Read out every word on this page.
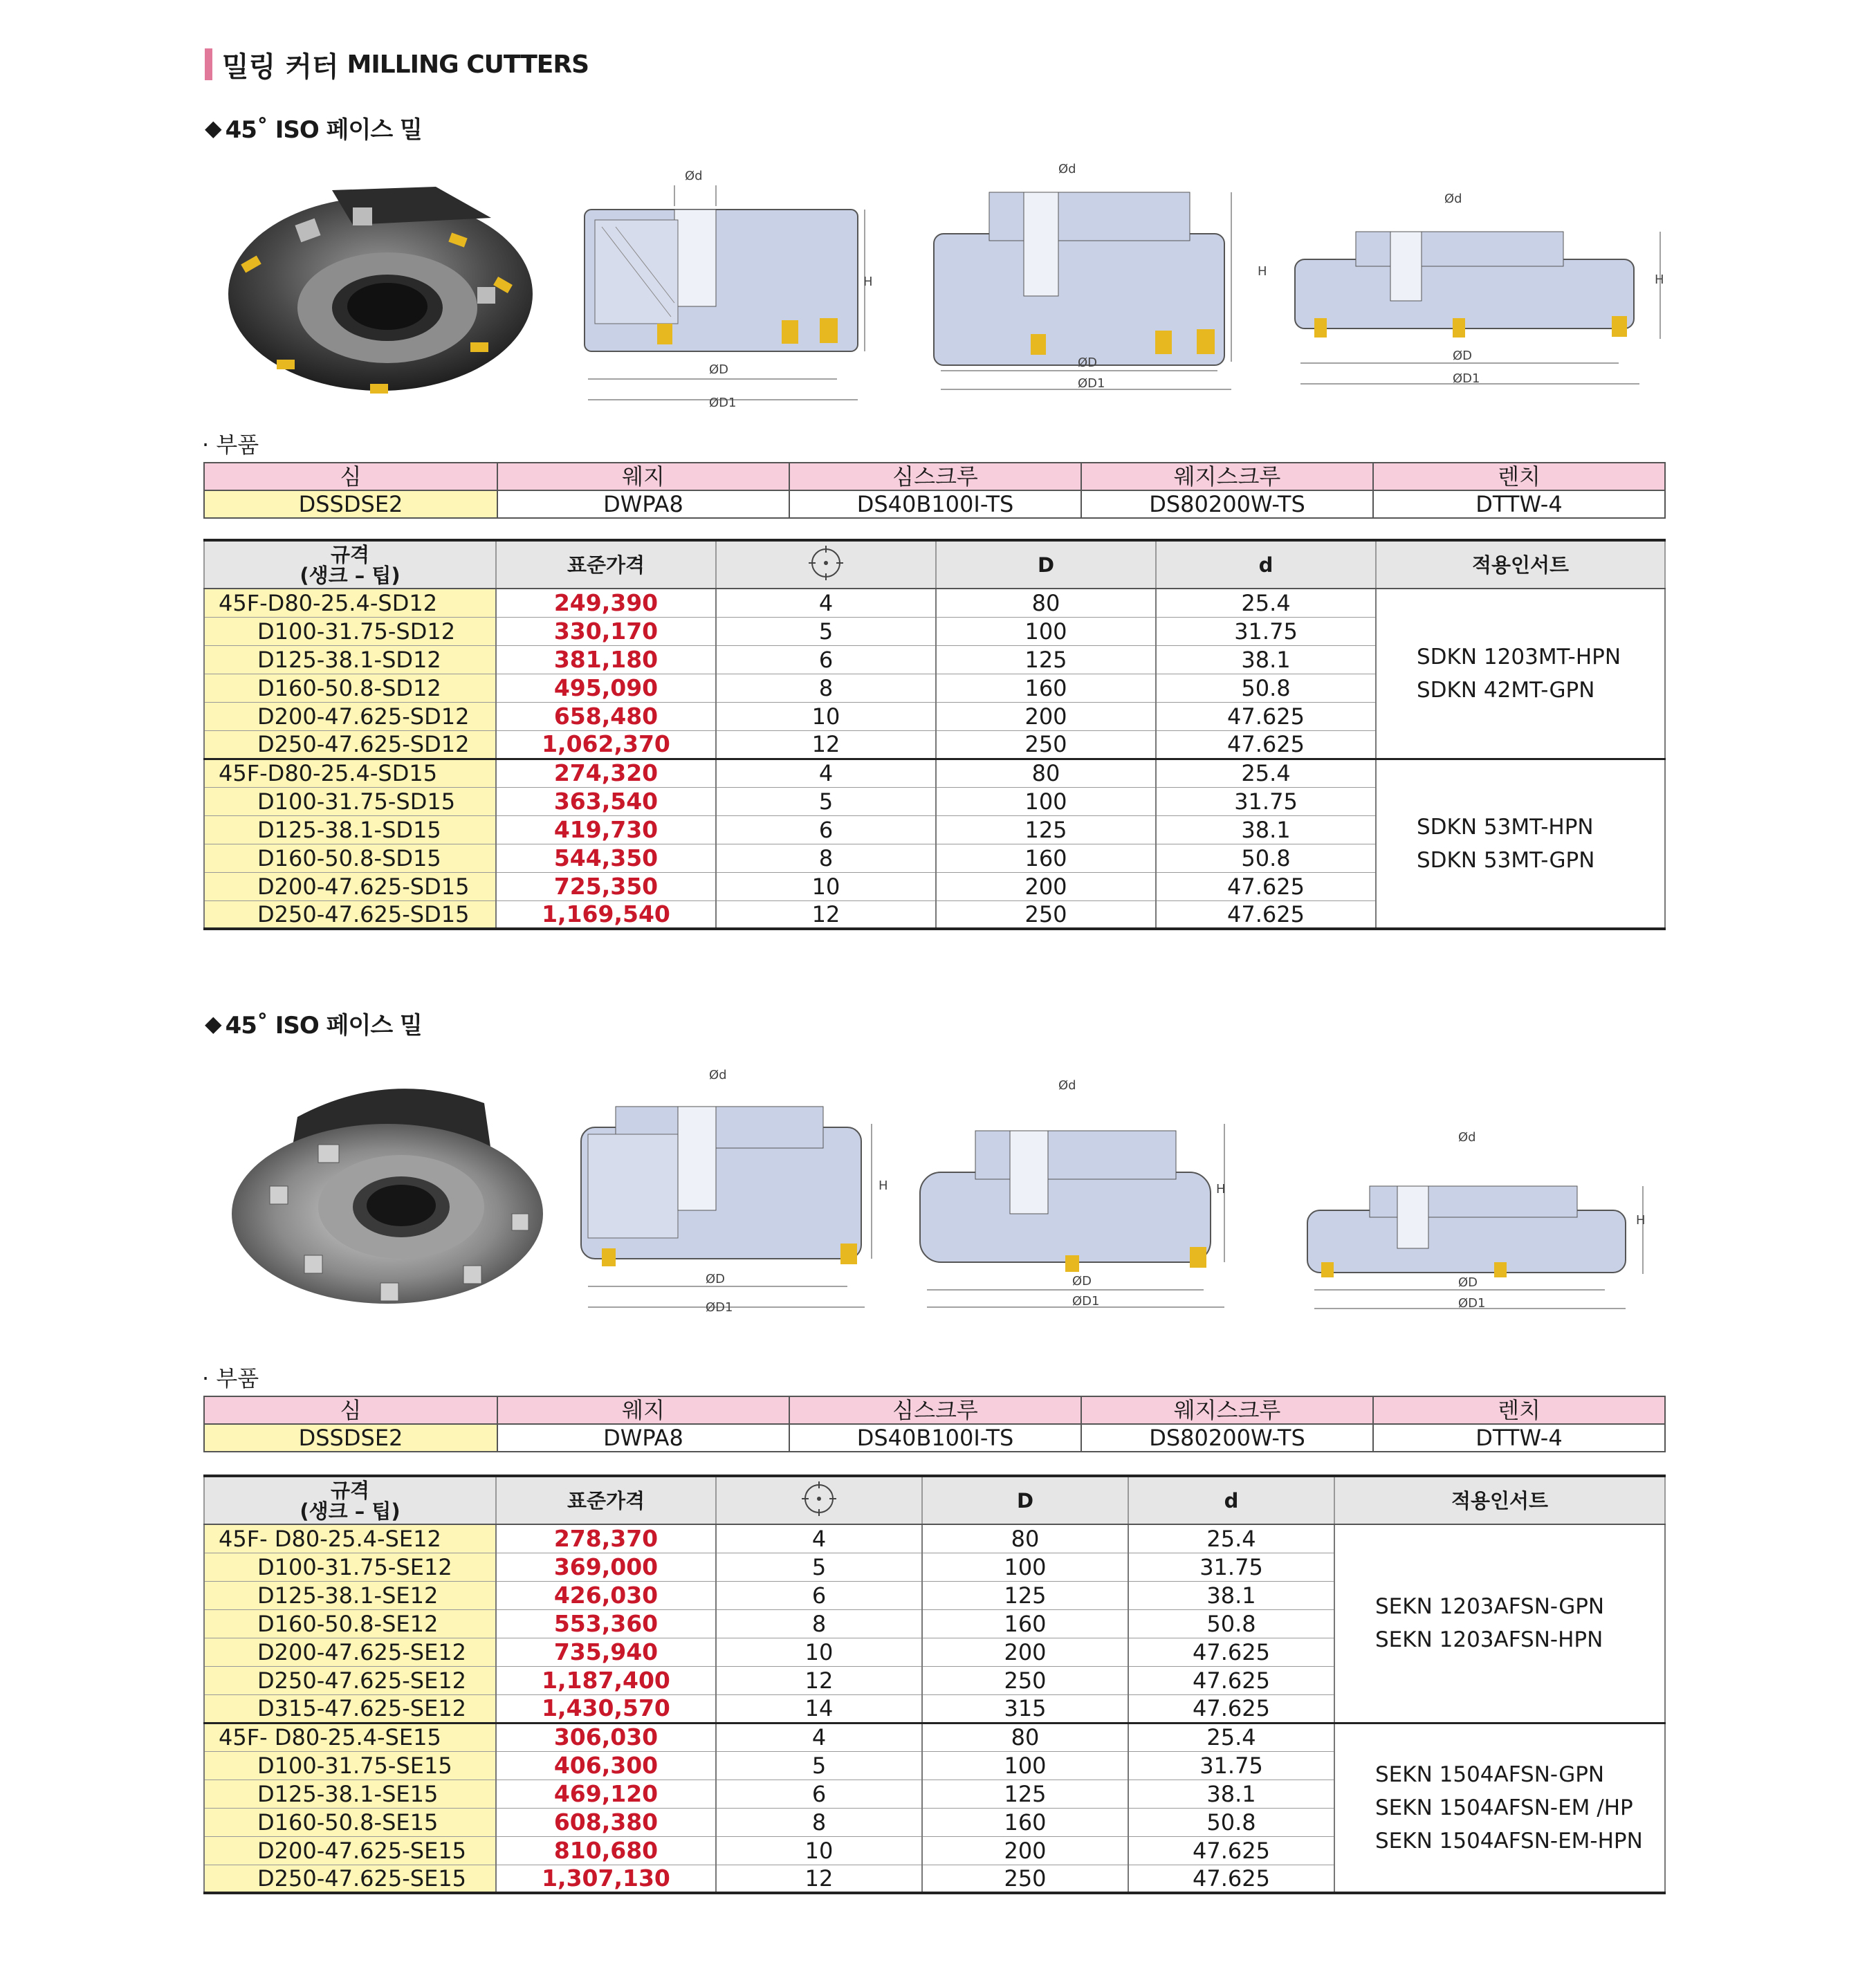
밀링 커터 MILLING CUTTERS
◆ 45˚ ISO 페이스 밀
Ød
H
ØD
ØD1
Ød
H
ØD
ØD1
Ød
H
ØD
ØD1
· 부품
심	웨지	심스크루	웨지스크루	렌치
DSSDSE2	DWPA8	DS40B100I-TS	DS80200W-TS	DTTW-4
규격
(생크 – 팁)	표준가격		D	d	적용인서트
45F-D80-25.4-SD12	249,390	4	80	25.4	SDKN 1203MT-HPN
SDKN 42MT-GPN

D100-31.75-SD12	330,170	5	100	31.75	
D125-38.1-SD12	381,180	6	125	38.1	
D160-50.8-SD12	495,090	8	160	50.8	
D200-47.625-SD12	658,480	10	200	47.625	
D250-47.625-SD12	1,062,370	12	250	47.625	
45F-D80-25.4-SD15	274,320	4	80	25.4	SDKN 53MT-HPN
SDKN 53MT-GPN

D100-31.75-SD15	363,540	5	100	31.75	
D125-38.1-SD15	419,730	6	125	38.1	
D160-50.8-SD15	544,350	8	160	50.8	
D200-47.625-SD15	725,350	10	200	47.625	
D250-47.625-SD15	1,169,540	12	250	47.625	
◆ 45˚ ISO 페이스 밀
Ød
H
ØD
ØD1
Ød
H
ØD
ØD1
Ød
H
ØD
ØD1
· 부품
심	웨지	심스크루	웨지스크루	렌치
DSSDSE2	DWPA8	DS40B100I-TS	DS80200W-TS	DTTW-4
규격
(생크 – 팁)	표준가격		D	d	적용인서트
45F- D80-25.4-SE12	278,370	4	80	25.4	SEKN 1203AFSN-GPN
SEKN 1203AFSN-HPN

D100-31.75-SE12	369,000	5	100	31.75	
D125-38.1-SE12	426,030	6	125	38.1	
D160-50.8-SE12	553,360	8	160	50.8	
D200-47.625-SE12	735,940	10	200	47.625	
D250-47.625-SE12	1,187,400	12	250	47.625	
D315-47.625-SE12	1,430,570	14	315	47.625	
45F- D80-25.4-SE15	306,030	4	80	25.4	SEKN 1504AFSN-GPN
SEKN 1504AFSN-EM /HP
SEKN 1504AFSN-EM-HPN

D100-31.75-SE15	406,300	5	100	31.75	
D125-38.1-SE15	469,120	6	125	38.1	
D160-50.8-SE15	608,380	8	160	50.8	
D200-47.625-SE15	810,680	10	200	47.625	
D250-47.625-SE15	1,307,130	12	250	47.625	
